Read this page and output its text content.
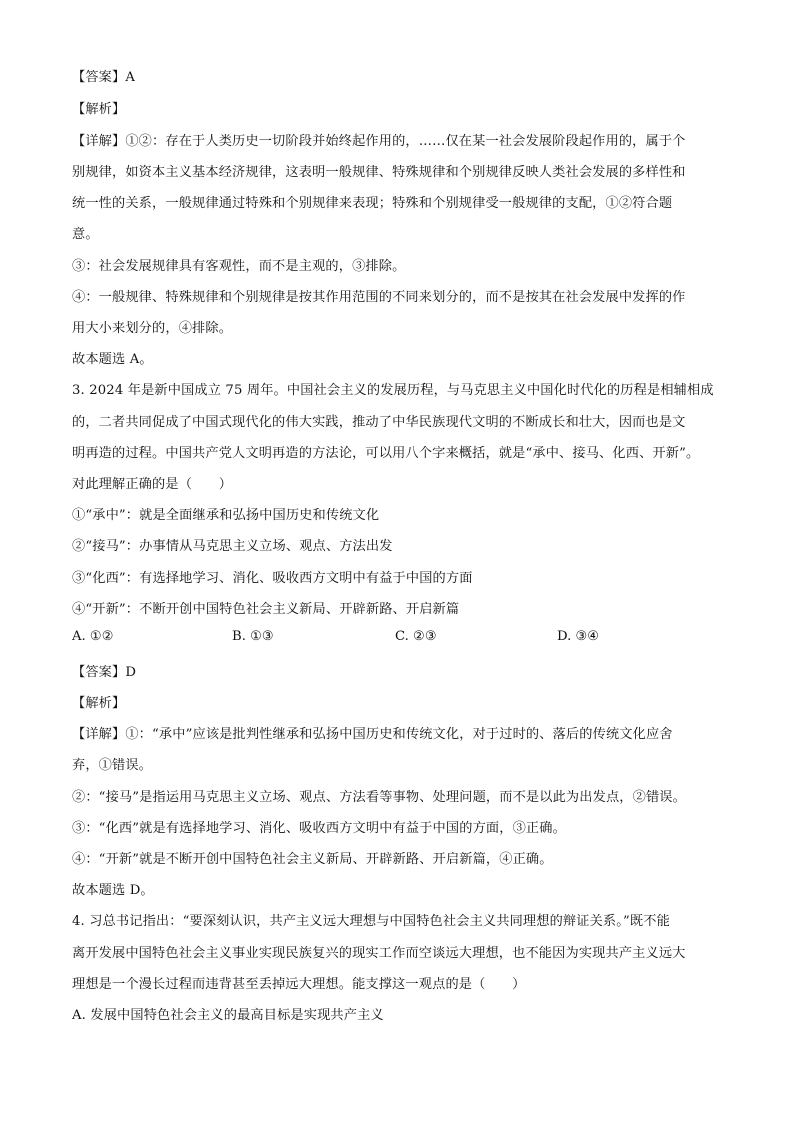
【答案】A
【解析】
【详解】①②：存在于人类历史一切阶段并始终起作用的，……仅在某一社会发展阶段起作用的，属于个
别规律，如资本主义基本经济规律，这表明一般规律、特殊规律和个别规律反映人类社会发展的多样性和
统一性的关系，一般规律通过特殊和个别规律来表现；特殊和个别规律受一般规律的支配，①②符合题
意。
③：社会发展规律具有客观性，而不是主观的，③排除。
④：一般规律、特殊规律和个别规律是按其作用范围的不同来划分的，而不是按其在社会发展中发挥的作
用大小来划分的，④排除。
故本题选 A。
3. 2024 年是新中国成立 75 周年。中国社会主义的发展历程，与马克思主义中国化时代化的历程是相辅相成
的，二者共同促成了中国式现代化的伟大实践，推动了中华民族现代文明的不断成长和壮大，因而也是文
明再造的过程。中国共产党人文明再造的方法论，可以用八个字来概括，就是“承中、接马、化西、开新”。
对此理解正确的是（　　）
①“承中”：就是全面继承和弘扬中国历史和传统文化
②“接马”：办事情从马克思主义立场、观点、方法出发
③“化西”：有选择地学习、消化、吸收西方文明中有益于中国的方面
④“开新”：不断开创中国特色社会主义新局、开辟新路、开启新篇
A. ①②	B. ①③	C. ②③	D. ③④
【答案】D
【解析】
【详解】①：“承中”应该是批判性继承和弘扬中国历史和传统文化，对于过时的、落后的传统文化应舍
弃，①错误。
②：“接马”是指运用马克思主义立场、观点、方法看等事物、处理问题，而不是以此为出发点，②错误。
③：“化西”就是有选择地学习、消化、吸收西方文明中有益于中国的方面，③正确。
④：“开新”就是不断开创中国特色社会主义新局、开辟新路、开启新篇，④正确。
故本题选 D。
4. 习总书记指出：“要深刻认识，共产主义远大理想与中国特色社会主义共同理想的辩证关系。”既不能
离开发展中国特色社会主义事业实现民族复兴的现实工作而空谈远大理想，也不能因为实现共产主义远大
理想是一个漫长过程而违背甚至丢掉远大理想。能支撑这一观点的是（　　）
A. 发展中国特色社会主义的最高目标是实现共产主义
